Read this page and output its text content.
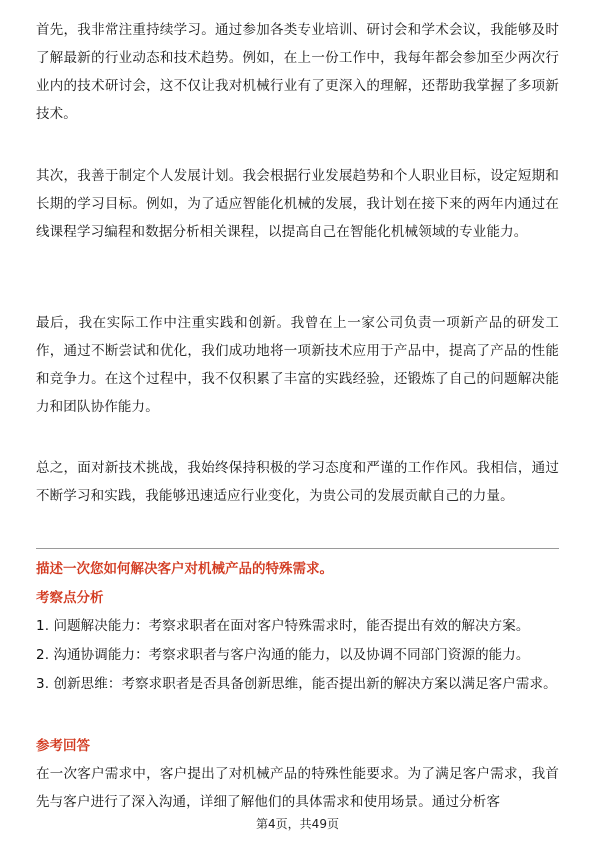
首先，我非常注重持续学习。通过参加各类专业培训、研讨会和学术会议，我能够及时了解最新的行业动态和技术趋势。例如，在上一份工作中，我每年都会参加至少两次行业内的技术研讨会，这不仅让我对机械行业有了更深入的理解，还帮助我掌握了多项新技术。

其次，我善于制定个人发展计划。我会根据行业发展趋势和个人职业目标，设定短期和长期的学习目标。例如，为了适应智能化机械的发展，我计划在接下来的两年内通过在线课程学习编程和数据分析相关课程，以提高自己在智能化机械领域的专业能力。

最后，我在实际工作中注重实践和创新。我曾在上一家公司负责一项新产品的研发工作，通过不断尝试和优化，我们成功地将一项新技术应用于产品中，提高了产品的性能和竞争力。在这个过程中，我不仅积累了丰富的实践经验，还锻炼了自己的问题解决能力和团队协作能力。

总之，面对新技术挑战，我始终保持积极的学习态度和严谨的工作作风。我相信，通过不断学习和实践，我能够迅速适应行业变化，为贵公司的发展贡献自己的力量。

描述一次您如何解决客户对机械产品的特殊需求。

考察点分析

1. 问题解决能力：考察求职者在面对客户特殊需求时，能否提出有效的解决方案。

2. 沟通协调能力：考察求职者与客户沟通的能力，以及协调不同部门资源的能力。

3. 创新思维：考察求职者是否具备创新思维，能否提出新的解决方案以满足客户需求。

参考回答

在一次客户需求中，客户提出了对机械产品的特殊性能要求。为了满足客户需求，我首先与客户进行了深入沟通，详细了解他们的具体需求和使用场景。通过分析客

第4页，共49页
